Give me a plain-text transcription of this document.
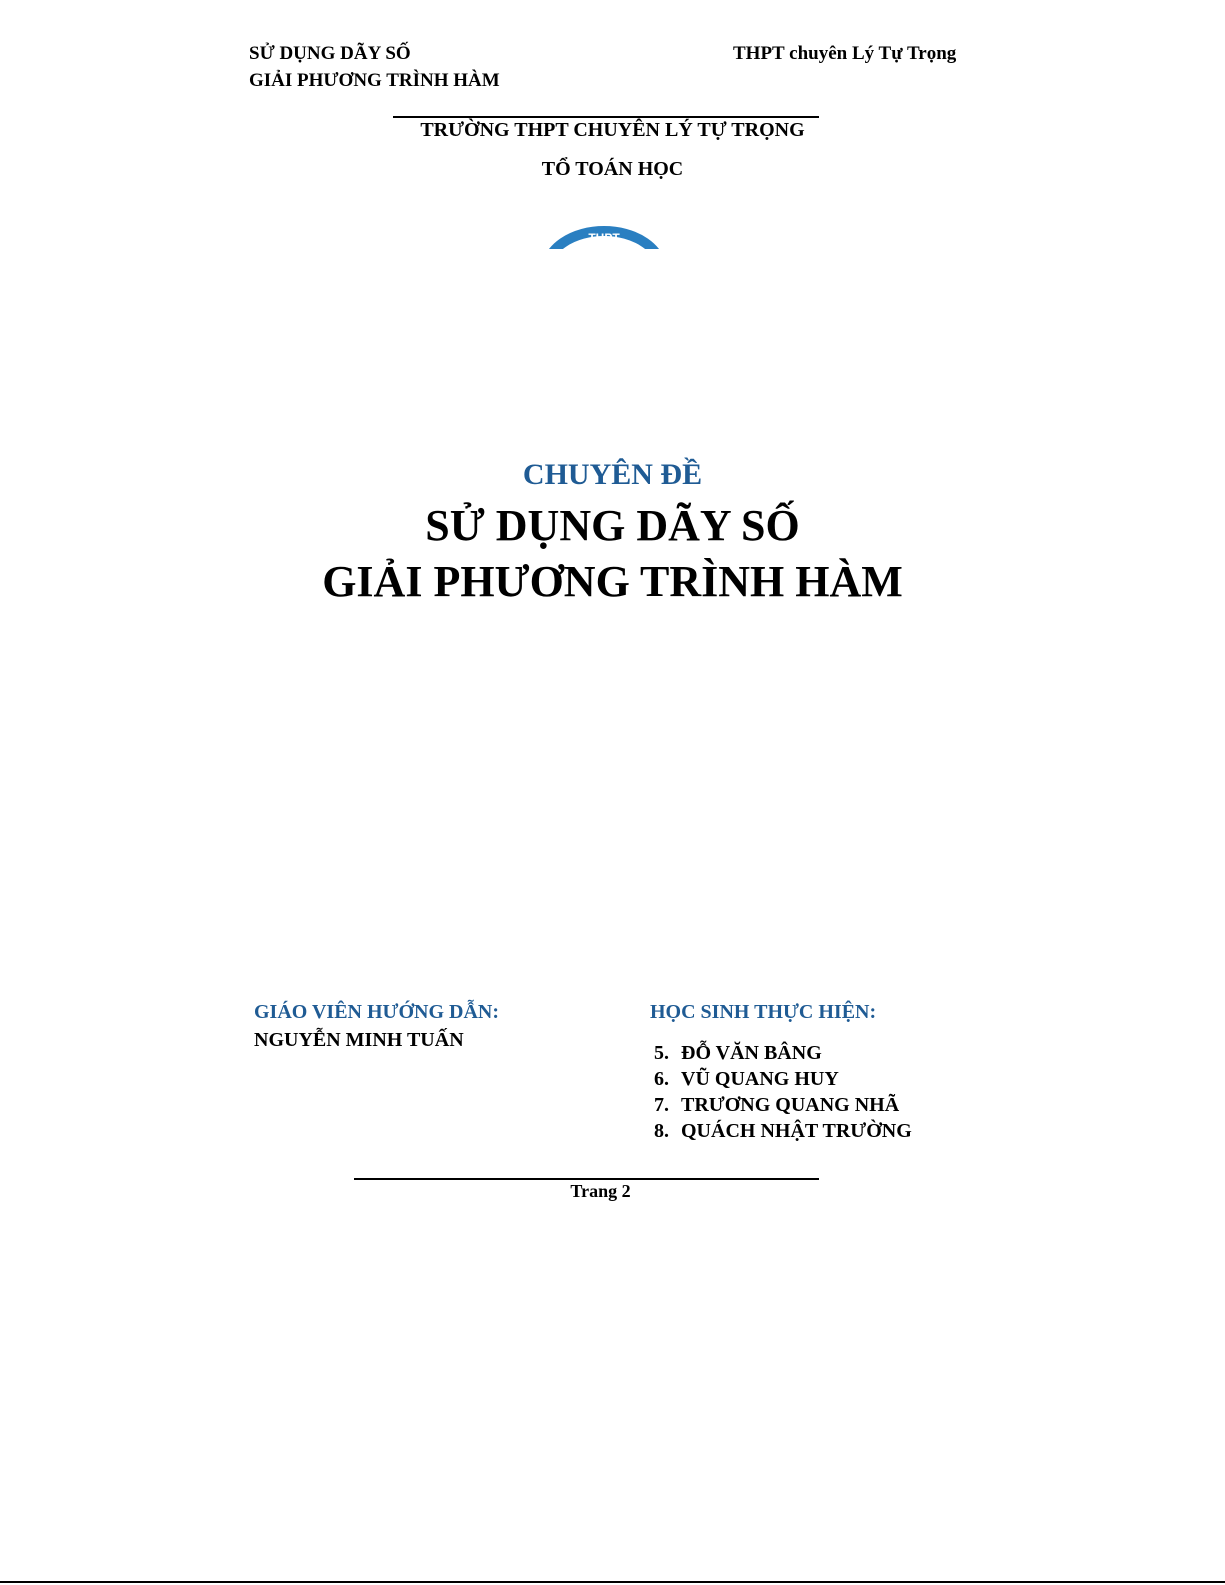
SỬ DỤNG DÃY SỐ
GIẢI PHƯƠNG TRÌNH HÀM
THPT chuyên Lý Tự Trọng
TRƯỜNG THPT CHUYÊN LÝ TỰ TRỌNG
TỔ TOÁN HỌC
THPT
CHUYÊN ĐỀ
SỬ DỤNG DÃY SỐ
GIẢI PHƯƠNG TRÌNH HÀM
GIÁO VIÊN HƯỚNG DẪN:
NGUYỄN MINH TUẤN
HỌC SINH THỰC HIỆN:
5. ĐỖ VĂN BÂNG
6. VŨ QUANG HUY
7. TRƯƠNG QUANG NHÃ
8. QUÁCH NHẬT TRƯỜNG
Trang 2
